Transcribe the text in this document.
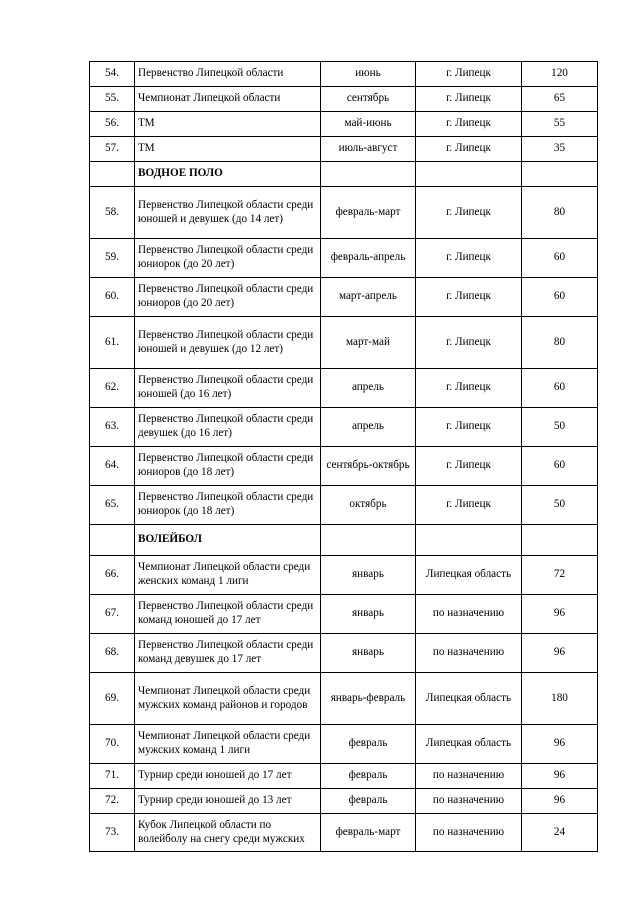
54.	Первенство Липецкой области	июнь	г. Липецк	120
55.	Чемпионат Липецкой области	сентябрь	г. Липецк	65
56.	ТМ	май-июнь	г. Липецк	55
57.	ТМ	июль-август	г. Липецк	35
	ВОДНОЕ ПОЛО			
58.	Первенство Липецкой области среди юношей и девушек (до 14 лет)	февраль-март	г. Липецк	80
59.	Первенство Липецкой области среди юниорок (до 20 лет)	февраль-апрель	г. Липецк	60
60.	Первенство Липецкой области среди юниоров (до 20 лет)	март-апрель	г. Липецк	60
61.	Первенство Липецкой области среди юношей и девушек (до 12 лет)	март-май	г. Липецк	80
62.	Первенство Липецкой области среди юношей (до 16 лет)	апрель	г. Липецк	60
63.	Первенство Липецкой области среди девушек (до 16 лет)	апрель	г. Липецк	50
64.	Первенство Липецкой области среди юниоров (до 18 лет)	сентябрь-октябрь	г. Липецк	60
65.	Первенство Липецкой области среди юниорок (до 18 лет)	октябрь	г. Липецк	50
	ВОЛЕЙБОЛ			
66.	Чемпионат Липецкой области среди женских команд 1 лиги	январь	Липецкая область	72
67.	Первенство Липецкой области среди команд юношей до 17 лет	январь	по назначению	96
68.	Первенство Липецкой области среди команд девушек до 17 лет	январь	по назначению	96
69.	Чемпионат Липецкой области среди мужских команд районов и городов	январь-февраль	Липецкая область	180
70.	Чемпионат Липецкой области среди мужских команд 1 лиги	февраль	Липецкая область	96
71.	Турнир среди юношей до 17 лет	февраль	по назначению	96
72.	Турнир среди юношей до 13 лет	февраль	по назначению	96
73.	Кубок Липецкой области по волейболу на снегу среди мужских	февраль-март	по назначению	24
